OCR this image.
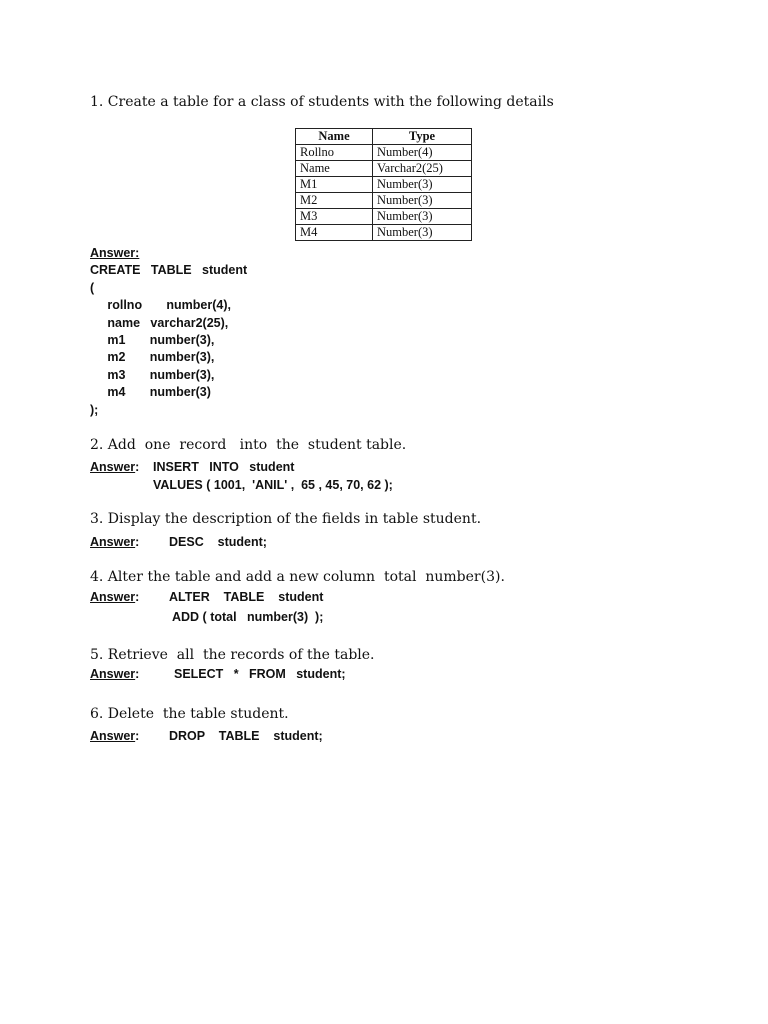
1. Create a table for a class of students with the following details
Name	Type
Rollno	Number(4)
Name	Varchar2(25)
M1	Number(3)
M2	Number(3)
M3	Number(3)
M4	Number(3)
Answer:
CREATE   TABLE   student
(
rollno       number(4),
name   varchar2(25),
m1       number(3),
m2       number(3),
m3       number(3),
m4       number(3)
);
2. Add  one  record   into  the  student table.
Answer: INSERT   INTO   student
VALUES ( 1001,  'ANIL' ,  65 , 45, 70, 62 );
3. Display the description of the fields in table student.
Answer: DESC    student;
4. Alter the table and add a new column  total  number(3).
Answer: ALTER    TABLE    student
ADD ( total   number(3)  );
5. Retrieve  all  the records of the table.
Answer:	SELECT   *   FROM   student;
6. Delete  the table student.
Answer: DROP    TABLE    student;
